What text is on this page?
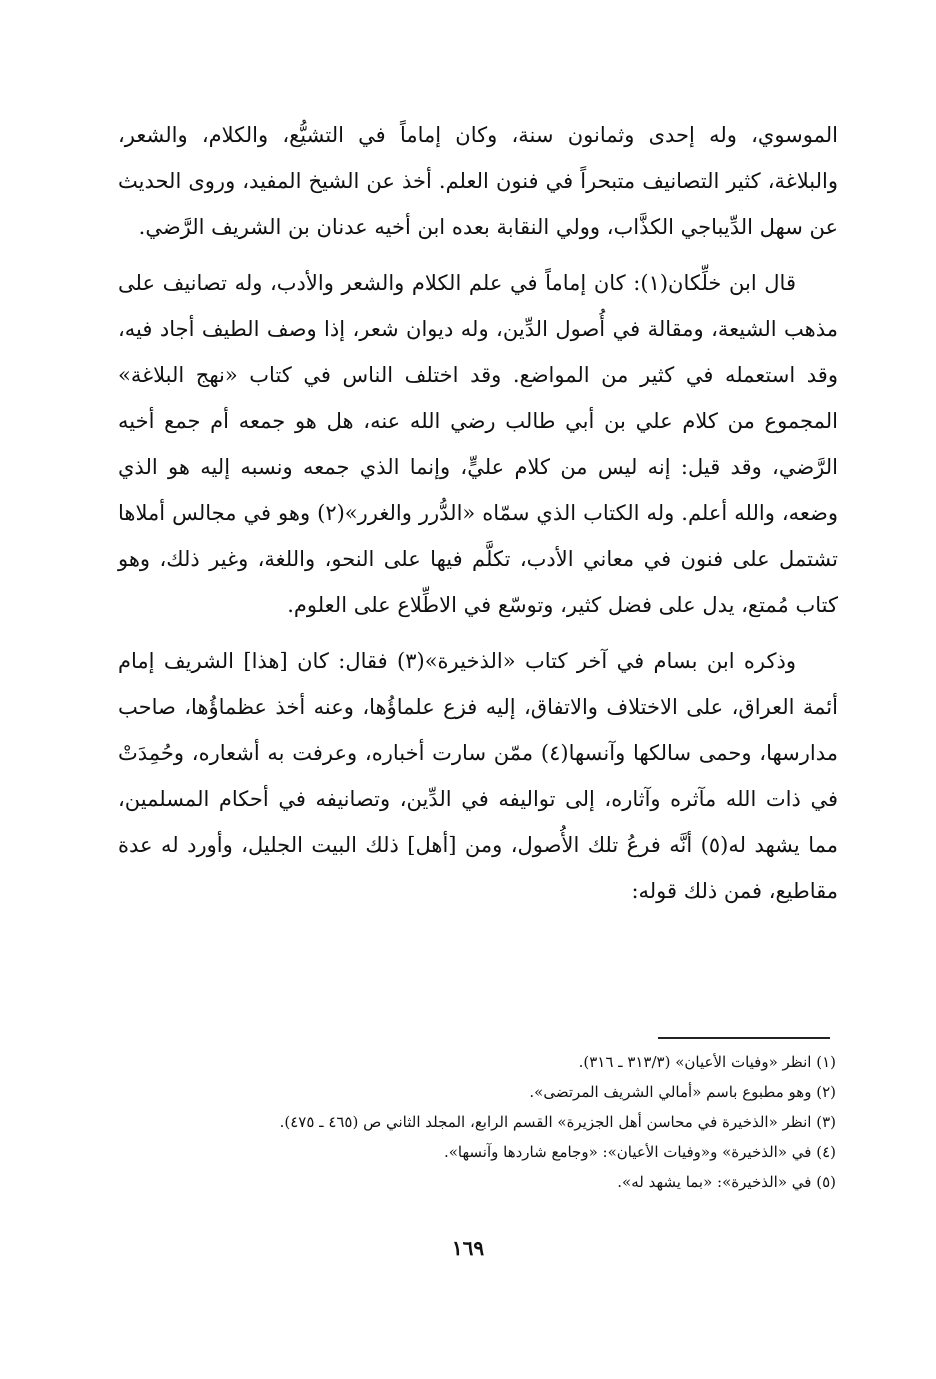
الموسوي، وله إحدى وثمانون سنة، وكان إماماً في التشيُّع، والكلام، والشعر، والبلاغة، كثير التصانيف متبحراً في فنون العلم. أخذ عن الشيخ المفيد، وروى الحديث عن سهل الدِّيباجي الكذَّاب، وولي النقابة بعده ابن أخيه عدنان بن الشريف الرَّضي.

قال ابن خلِّكان(١): كان إماماً في علم الكلام والشعر والأدب، وله تصانيف على مذهب الشيعة، ومقالة في أُصول الدِّين، وله ديوان شعر، إذا وصف الطيف أجاد فيه، وقد استعمله في كثير من المواضع. وقد اختلف الناس في كتاب «نهج البلاغة» المجموع من كلام علي بن أبي طالب رضي الله عنه، هل هو جمعه أم جمع أخيه الرَّضي، وقد قيل: إنه ليس من كلام عليٍّ، وإنما الذي جمعه ونسبه إليه هو الذي وضعه، والله أعلم. وله الكتاب الذي سمّاه «الدُّرر والغرر»(٢) وهو في مجالس أملاها تشتمل على فنون في معاني الأدب، تكلَّم فيها على النحو، واللغة، وغير ذلك، وهو كتاب مُمتع، يدل على فضل كثير، وتوسّع في الاطِّلاع على العلوم.

وذكره ابن بسام في آخر كتاب «الذخيرة»(٣) فقال: كان [هذا] الشريف إمام أئمة العراق، على الاختلاف والاتفاق، إليه فزع علماؤُها، وعنه أخذ عظماؤُها، صاحب مدارسها، وحمى سالكها وآنسها(٤) ممّن سارت أخباره، وعرفت به أشعاره، وحُمِدَتْ في ذات الله مآثره وآثاره، إلى تواليفه في الدِّين، وتصانيفه في أحكام المسلمين، مما يشهد له(٥) أنَّه فرعُ تلك الأُصول، ومن [أهل] ذلك البيت الجليل، وأورد له عدة مقاطيع، فمن ذلك قوله:

(١) انظر «وفيات الأعيان» (٣١٣/٣ ـ ٣١٦).

(٢) وهو مطبوع باسم «أمالي الشريف المرتضى».

(٣) انظر «الذخيرة في محاسن أهل الجزيرة» القسم الرابع، المجلد الثاني ص (٤٦٥ ـ ٤٧٥).

(٤) في «الذخيرة» و«وفيات الأعيان»: «وجامع شاردها وآنسها».

(٥) في «الذخيرة»: «بما يشهد له».

١٦٩
